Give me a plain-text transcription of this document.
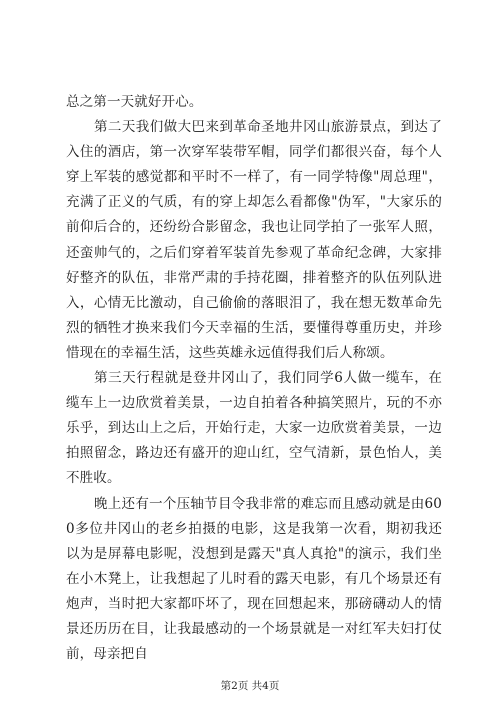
总之第一天就好开心。

第二天我们做大巴来到革命圣地井冈山旅游景点，到达了入住的酒店，第一次穿军装带军帽，同学们都很兴奋，每个人穿上军装的感觉都和平时不一样了，有一同学特像"周总理"，充满了正义的气质，有的穿上却怎么看都像"伪军，"大家乐的前仰后合的，还纷纷合影留念，我也让同学拍了一张军人照，还蛮帅气的，之后们穿着军装首先参观了革命纪念碑，大家排好整齐的队伍，非常严肃的手持花圈，排着整齐的队伍列队进入，心情无比激动，自己偷偷的落眼泪了，我在想无数革命先烈的牺牲才换来我们今天幸福的生活，要懂得尊重历史，并珍惜现在的幸福生活，这些英雄永远值得我们后人称颂。

第三天行程就是登井冈山了，我们同学6人做一缆车，在缆车上一边欣赏着美景，一边自拍着各种搞笑照片，玩的不亦乐乎，到达山上之后，开始行走，大家一边欣赏着美景，一边拍照留念，路边还有盛开的迎山红，空气清新，景色怡人，美不胜收。

晚上还有一个压轴节目令我非常的难忘而且感动就是由600多位井冈山的老乡拍摄的电影，这是我第一次看，期初我还以为是屏幕电影呢，没想到是露天"真人真抢"的演示，我们坐在小木凳上，让我想起了儿时看的露天电影，有几个场景还有炮声，当时把大家都吓坏了，现在回想起来，那磅礴动人的情景还历历在目，让我最感动的一个场景就是一对红军夫妇打仗前，母亲把自

第2页 共4页
